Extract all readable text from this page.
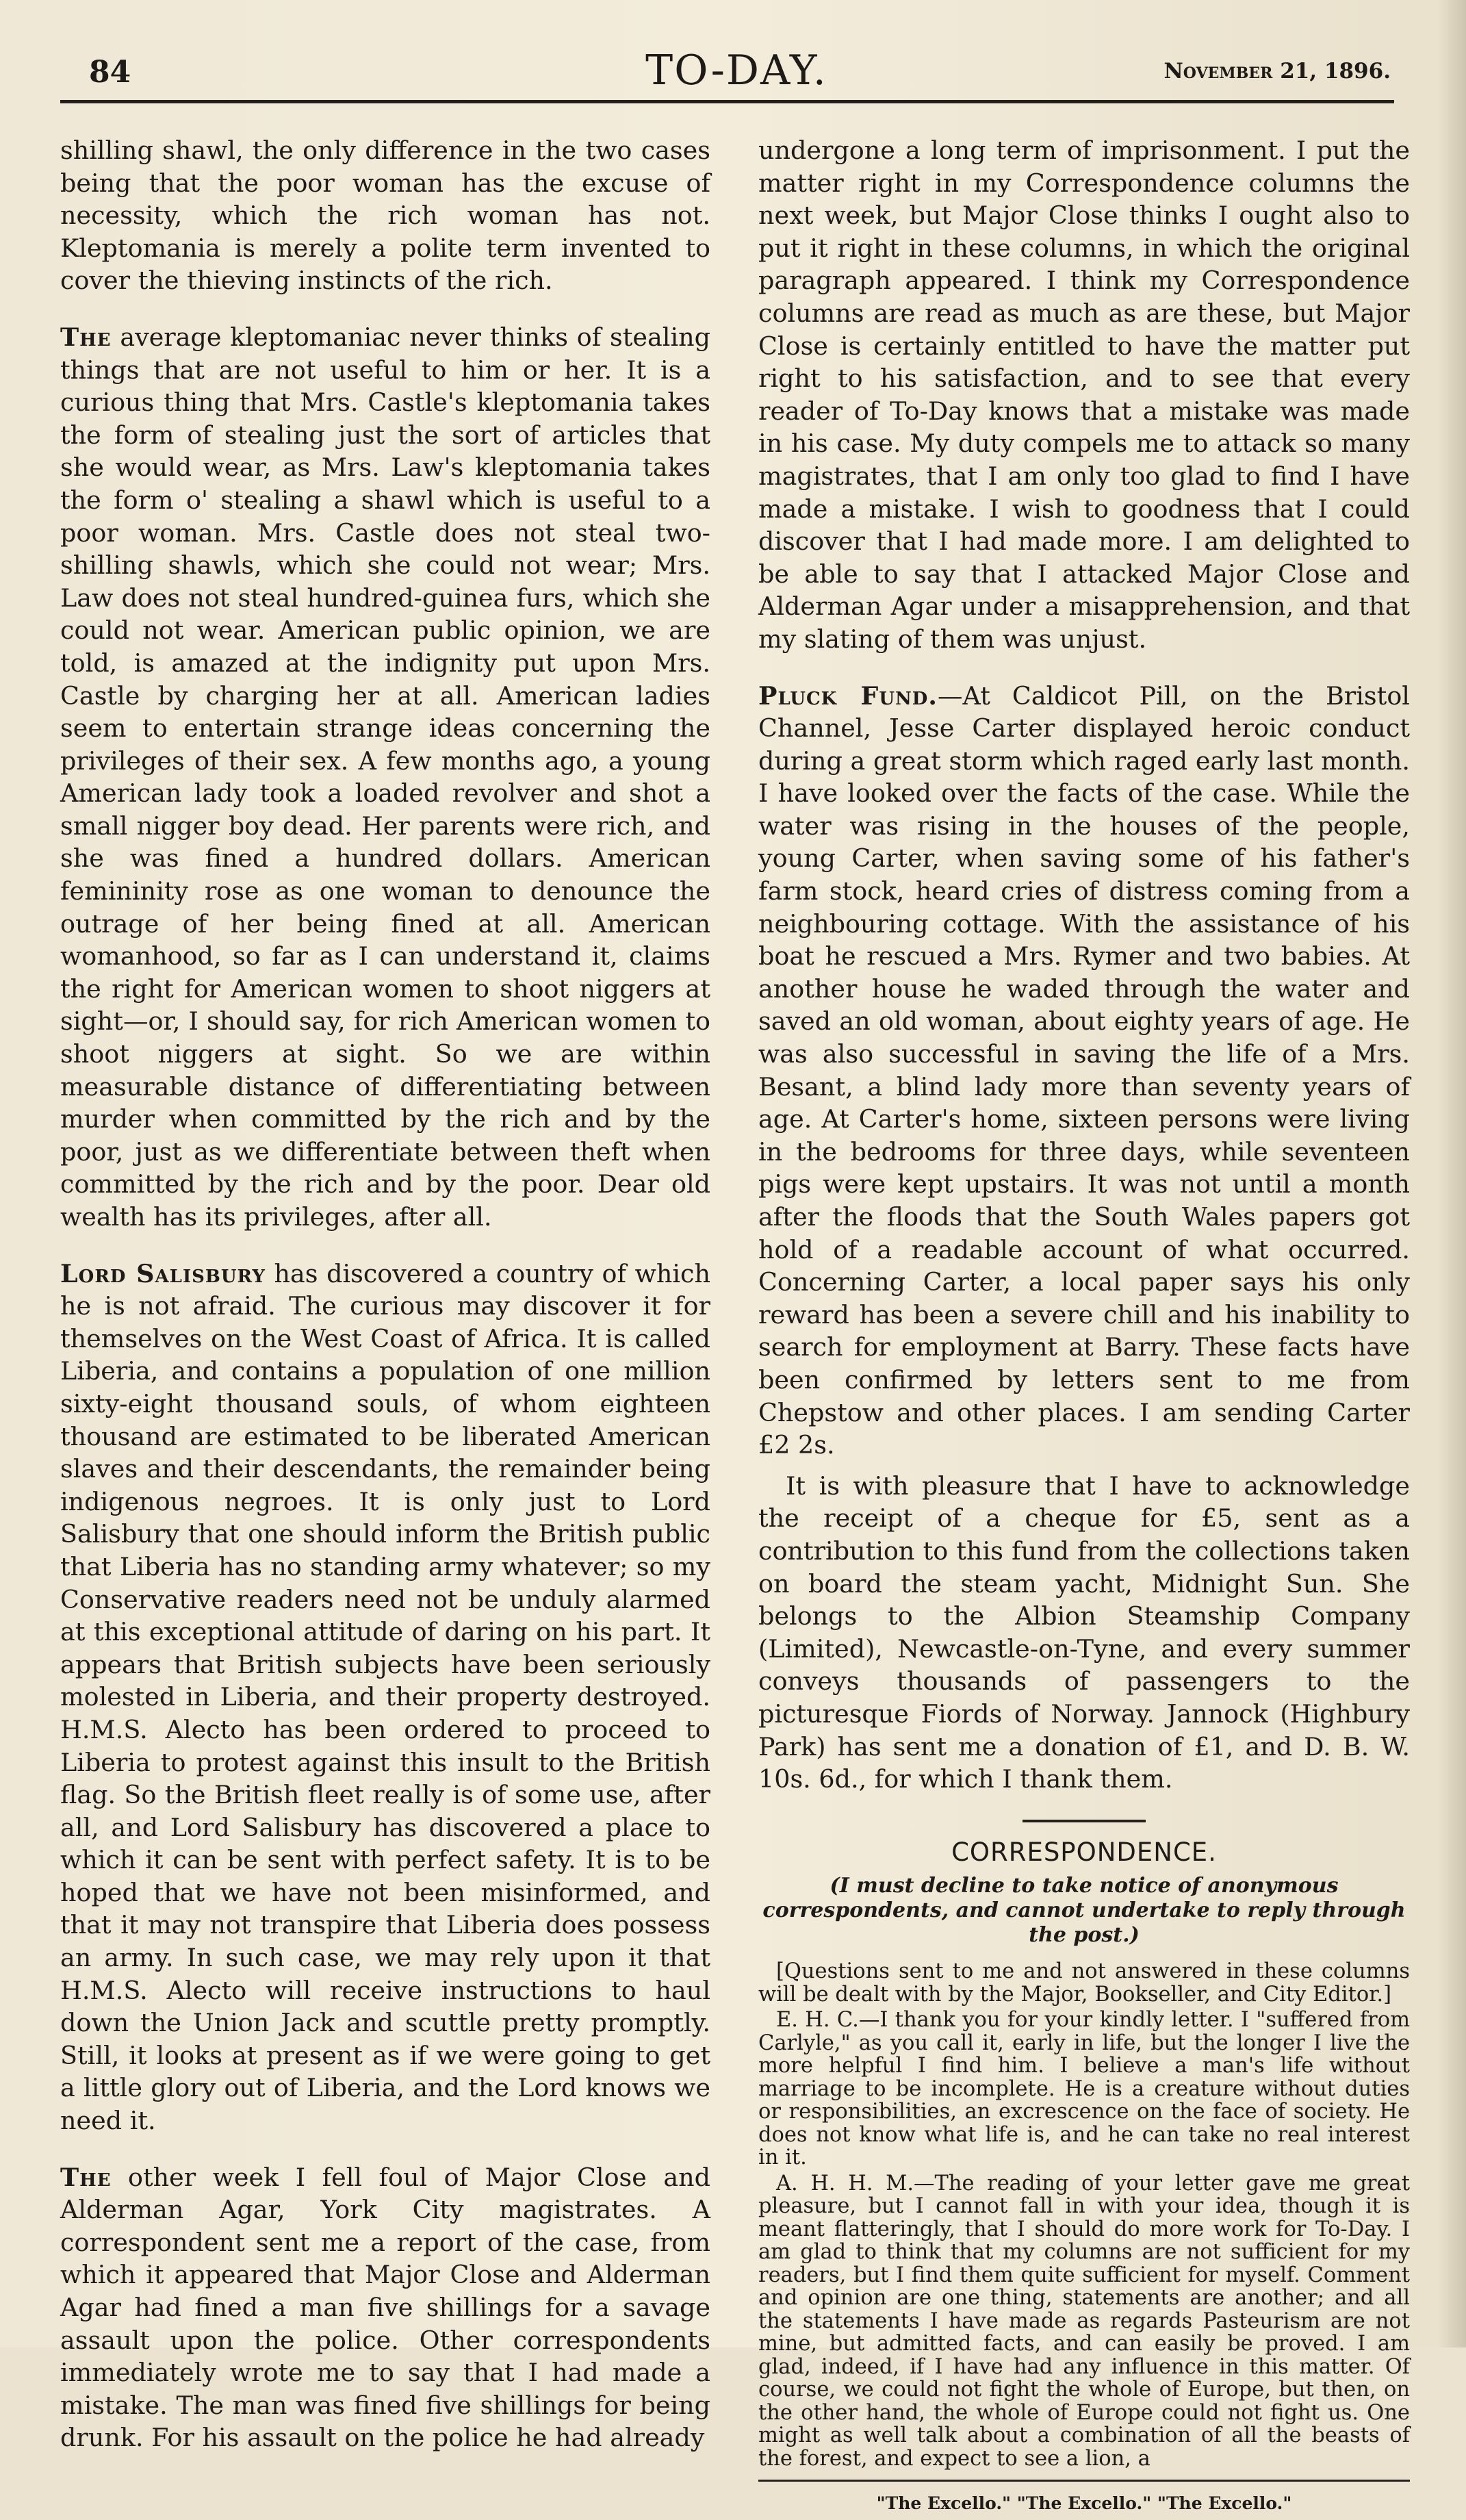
84	TO-DAY.	November 21, 1896.

shilling shawl, the only difference in the two cases being that the poor woman has the excuse of necessity, which the rich woman has not. Kleptomania is merely a polite term invented to cover the thieving instincts of the rich.

The average kleptomaniac never thinks of stealing things that are not useful to him or her. It is a curious thing that Mrs. Castle's kleptomania takes the form of stealing just the sort of articles that she would wear, as Mrs. Law's kleptomania takes the form o' stealing a shawl which is useful to a poor woman. Mrs. Castle does not steal two-shilling shawls, which she could not wear; Mrs. Law does not steal hundred-guinea furs, which she could not wear. American public opinion, we are told, is amazed at the indignity put upon Mrs. Castle by charging her at all. American ladies seem to entertain strange ideas concerning the privileges of their sex. A few months ago, a young American lady took a loaded revolver and shot a small nigger boy dead. Her parents were rich, and she was fined a hundred dollars. American femininity rose as one woman to denounce the outrage of her being fined at all. American womanhood, so far as I can understand it, claims the right for American women to shoot niggers at sight—or, I should say, for rich American women to shoot niggers at sight. So we are within measurable distance of differentiating between murder when committed by the rich and by the poor, just as we differentiate between theft when committed by the rich and by the poor. Dear old wealth has its privileges, after all.

Lord Salisbury has discovered a country of which he is not afraid. The curious may discover it for themselves on the West Coast of Africa. It is called Liberia, and contains a population of one million sixty-eight thousand souls, of whom eighteen thousand are estimated to be liberated American slaves and their descendants, the remainder being indigenous negroes. It is only just to Lord Salisbury that one should inform the British public that Liberia has no standing army whatever; so my Conservative readers need not be unduly alarmed at this exceptional attitude of daring on his part. It appears that British subjects have been seriously molested in Liberia, and their property destroyed. H.M.S. Alecto has been ordered to proceed to Liberia to protest against this insult to the British flag. So the British fleet really is of some use, after all, and Lord Salisbury has discovered a place to which it can be sent with perfect safety. It is to be hoped that we have not been misinformed, and that it may not transpire that Liberia does possess an army. In such case, we may rely upon it that H.M.S. Alecto will receive instructions to haul down the Union Jack and scuttle pretty promptly. Still, it looks at present as if we were going to get a little glory out of Liberia, and the Lord knows we need it.

The other week I fell foul of Major Close and Alderman Agar, York City magistrates. A correspondent sent me a report of the case, from which it appeared that Major Close and Alderman Agar had fined a man five shillings for a savage assault upon the police. Other correspondents immediately wrote me to say that I had made a mistake. The man was fined five shillings for being drunk. For his assault on the police he had already

undergone a long term of imprisonment. I put the matter right in my Correspondence columns the next week, but Major Close thinks I ought also to put it right in these columns, in which the original paragraph appeared. I think my Correspondence columns are read as much as are these, but Major Close is certainly entitled to have the matter put right to his satisfaction, and to see that every reader of To-Day knows that a mistake was made in his case. My duty compels me to attack so many magistrates, that I am only too glad to find I have made a mistake. I wish to goodness that I could discover that I had made more. I am delighted to be able to say that I attacked Major Close and Alderman Agar under a misapprehension, and that my slating of them was unjust.

Pluck Fund.—At Caldicot Pill, on the Bristol Channel, Jesse Carter displayed heroic conduct during a great storm which raged early last month. I have looked over the facts of the case. While the water was rising in the houses of the people, young Carter, when saving some of his father's farm stock, heard cries of distress coming from a neighbouring cottage. With the assistance of his boat he rescued a Mrs. Rymer and two babies. At another house he waded through the water and saved an old woman, about eighty years of age. He was also successful in saving the life of a Mrs. Besant, a blind lady more than seventy years of age. At Carter's home, sixteen persons were living in the bedrooms for three days, while seventeen pigs were kept upstairs. It was not until a month after the floods that the South Wales papers got hold of a readable account of what occurred. Concerning Carter, a local paper says his only reward has been a severe chill and his inability to search for employment at Barry. These facts have been confirmed by letters sent to me from Chepstow and other places. I am sending Carter £2 2s.

It is with pleasure that I have to acknowledge the receipt of a cheque for £5, sent as a contribution to this fund from the collections taken on board the steam yacht, Midnight Sun. She belongs to the Albion Steamship Company (Limited), Newcastle-on-Tyne, and every summer conveys thousands of passengers to the picturesque Fiords of Norway. Jannock (Highbury Park) has sent me a donation of £1, and D. B. W. 10s. 6d., for which I thank them.

CORRESPONDENCE.
(I must decline to take notice of anonymous correspondents, and cannot undertake to reply through the post.)

[Questions sent to me and not answered in these columns will be dealt with by the Major, Bookseller, and City Editor.]

E. H. C.—I thank you for your kindly letter. I "suffered from Carlyle," as you call it, early in life, but the longer I live the more helpful I find him. I believe a man's life without marriage to be incomplete. He is a creature without duties or responsibilities, an excrescence on the face of society. He does not know what life is, and he can take no real interest in it.

A. H. H. M.—The reading of your letter gave me great pleasure, but I cannot fall in with your idea, though it is meant flatteringly, that I should do more work for To-Day. I am glad to think that my columns are not sufficient for my readers, but I find them quite sufficient for myself. Comment and opinion are one thing, statements are another; and all the statements I have made as regards Pasteurism are not mine, but admitted facts, and can easily be proved. I am glad, indeed, if I have had any influence in this matter. Of course, we could not fight the whole of Europe, but then, on the other hand, the whole of Europe could not fight us. One might as well talk about a combination of all the beasts of the forest, and expect to see a lion, a

"The Excello." "The Excello." "The Excello."
